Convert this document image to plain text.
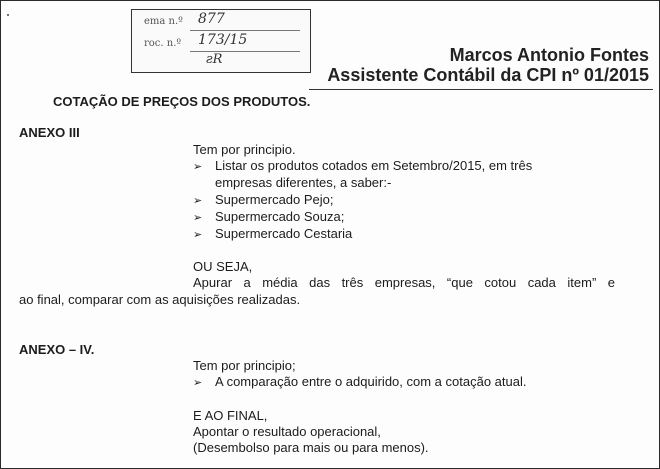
ema n.º 877
roc. n.º 173/15
ƨR	Marcos Antonio Fontes
Assistente Contábil da CPI nº 01/2015
COTAÇÃO DE PREÇOS DOS PRODUTOS.
ANEXO III
Tem por principio.
➢ Listar os produtos cotados em Setembro/2015, em três
empresas diferentes, a saber:-
➢ Supermercado Pejo;
➢ Supermercado Souza;
➢ Supermercado Cestaria
OU SEJA,
Apurar a média das três empresas, “que cotou cada item” e
ao final, comparar com as aquisições realizadas.
ANEXO – IV.
Tem por principio;
➢ A comparação entre o adquirido, com a cotação atual.
E AO FINAL,
Apontar o resultado operacional,
(Desembolso para mais ou para menos).
